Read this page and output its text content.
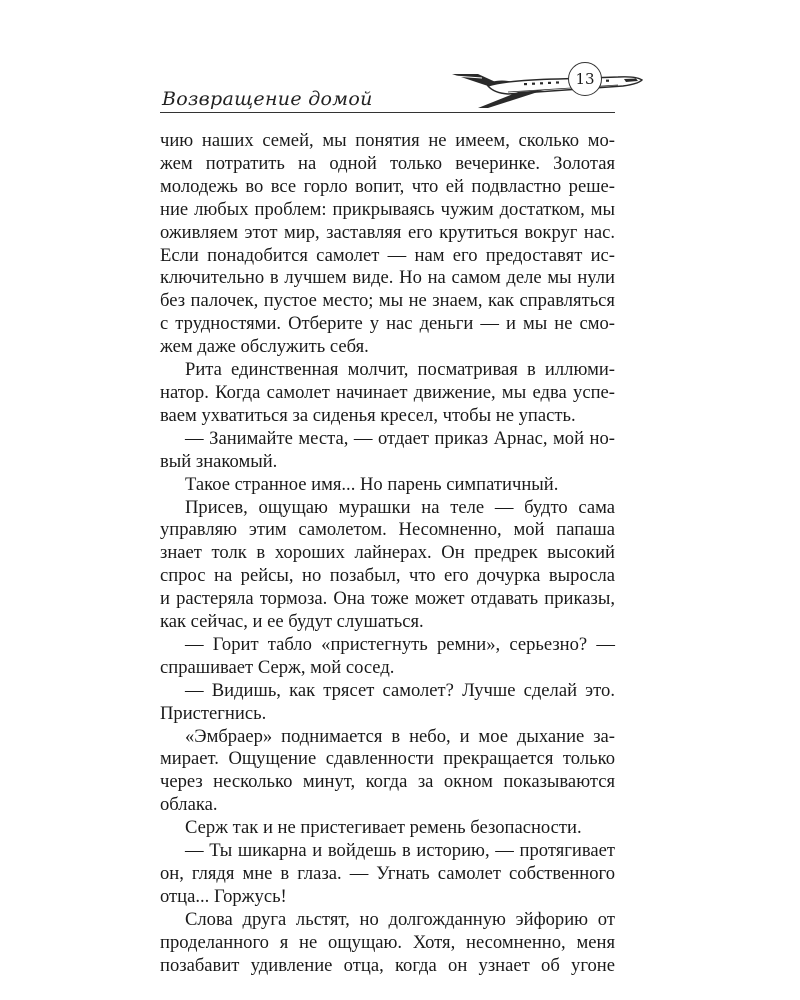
Возвращение домой
13

чию наших семей, мы понятия не имеем, сколько мо-

жем потратить на одной только вечеринке. Золотая

молодежь во все горло вопит, что ей подвластно реше-

ние любых проблем: прикрываясь чужим достатком, мы

оживляем этот мир, заставляя его крутиться вокруг нас.

Если понадобится самолет — нам его предоставят ис-

ключительно в лучшем виде. Но на самом деле мы нули

без палочек, пустое место; мы не знаем, как справляться

с трудностями. Отберите у нас деньги — и мы не смо-

жем даже обслужить себя.

Рита единственная молчит, посматривая в иллюми-

натор. Когда самолет начинает движение, мы едва успе-

ваем ухватиться за сиденья кресел, чтобы не упасть.

— Занимайте места, — отдает приказ Арнас, мой но-

вый знакомый.

Такое странное имя... Но парень симпатичный.

Присев, ощущаю мурашки на теле — будто сама

управляю этим самолетом. Несомненно, мой папаша

знает толк в хороших лайнерах. Он предрек высокий

спрос на рейсы, но позабыл, что его дочурка выросла

и растеряла тормоза. Она тоже может отдавать приказы,

как сейчас, и ее будут слушаться.

— Горит табло «пристегнуть ремни», серьезно? —

спрашивает Серж, мой сосед.

— Видишь, как трясет самолет? Лучше сделай это.

Пристегнись.

«Эмбраер» поднимается в небо, и мое дыхание за-

мирает. Ощущение сдавленности прекращается только

через несколько минут, когда за окном показываются

облака.

Серж так и не пристегивает ремень безопасности.

— Ты шикарна и войдешь в историю, — протягивает

он, глядя мне в глаза. — Угнать самолет собственного

отца... Горжусь!

Слова друга льстят, но долгожданную эйфорию от

проделанного я не ощущаю. Хотя, несомненно, меня

позабавит удивление отца, когда он узнает об угоне
